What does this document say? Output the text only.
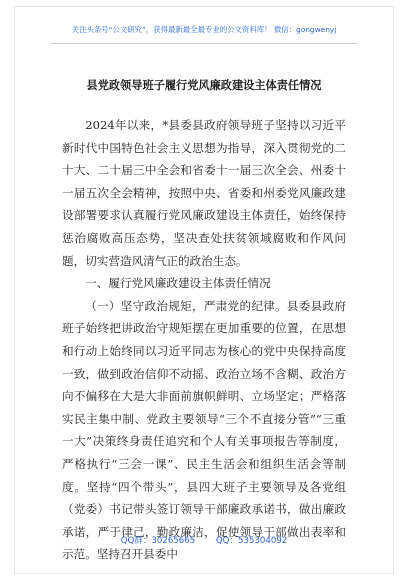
关注头条号“公文研究”，获得最新最全最专业的公文资料库！ 微信：gongwenyj
县党政领导班子履行党风廉政建设主体责任情况

2024年以来，*县委县政府领导班子坚持以习近平新时代中国特色社会主义思想为指导，深入贯彻党的二十大、二十届三中全会和省委十一届三次全会、州委十一届五次全会精神，按照中央、省委和州委党风廉政建设部署要求认真履行党风廉政建设主体责任，始终保持惩治腐败高压态势，坚决查处扶贫领域腐败和作风问题，切实营造风清气正的政治生态。

一、履行党风廉政建设主体责任情况

（一）坚守政治规矩，严肃党的纪律。县委县政府班子始终把讲政治守规矩摆在更加重要的位置，在思想和行动上始终同以习近平同志为核心的党中央保持高度一致，做到政治信仰不动摇、政治立场不含糊、政治方向不偏移在大是大非面前旗帜鲜明、立场坚定；严格落实民主集中制、党政主要领导“三个不直接分管”“三重一大”决策终身责任追究和个人有关事项报告等制度，严格执行“三会一课”、民主生活会和组织生活会等制度。坚持“四个带头”，县四大班子主要领导及各党组（党委）书记带头签订领导干部廉政承诺书，做出廉政承诺，严于律己，勤政廉洁，促使领导干部做出表率和示范。坚持召开县委中

QQ群：30265665 QQ：535304092
